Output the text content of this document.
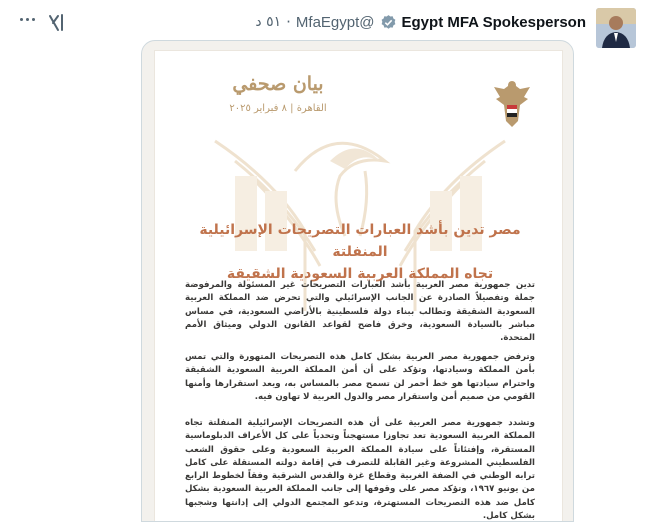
Egypt MFA Spokesperson
@MfaEgypt
·
٥١ د
بيان صحفي
القاهرة | ٨ فبراير ٢٠٢٥
مصر تدين بأشد العبارات التصريحات الإسرائيلية المنفلتة
تجاه المملكة العربية السعودية الشقيقة
تدين جمهورية مصر العربية بأشد العبارات التصريحات غير المسئولة والمرفوضة جملة وتفصيلاً الصادرة عن الجانب الإسرائيلي والتي تحرض ضد المملكة العربية السعودية الشقيقة وتطالب ببناء دولة فلسطينية بالأراضي السعودية، في مساس مباشر بالسيادة السعودية، وخرق فاضح لقواعد القانون الدولي وميثاق الأمم المتحدة.
وترفض جمهورية مصر العربية بشكل كامل هذه التصريحات المتهورة والتي تمس بأمن المملكة وسيادتها، وتؤكد على أن أمن المملكة العربية السعودية الشقيقة واحترام سيادتها هو خط أحمر لن تسمح مصر بالمساس به، ويعد استقرارها وأمنها القومي من صميم أمن واستقرار مصر والدول العربية لا تهاون فيه.
وتشدد جمهورية مصر العربية على أن هذه التصريحات الإسرائيلية المنفلتة تجاه المملكة العربية السعودية تعد تجاوزا مستهجناً وتحدياً على كل الأعراف الدبلوماسية المستقرة، وإفتئاتاً على سيادة المملكة العربية السعودية وعلى حقوق الشعب الفلسطيني المشروعة وغير القابلة للتصرف في إقامة دولته المستقلة على كامل ترابه الوطني في الضفة الغربية وقطاع غزة والقدس الشرقية وفقاً لخطوط الرابع من يونيو ١٩٦٧، وتؤكد مصر على وقوفها إلى جانب المملكة العربية السعودية بشكل كامل ضد هذه التصريحات المستهترة، وتدعو المجتمع الدولي إلى إدانتها وشجبها بشكل كامل.
